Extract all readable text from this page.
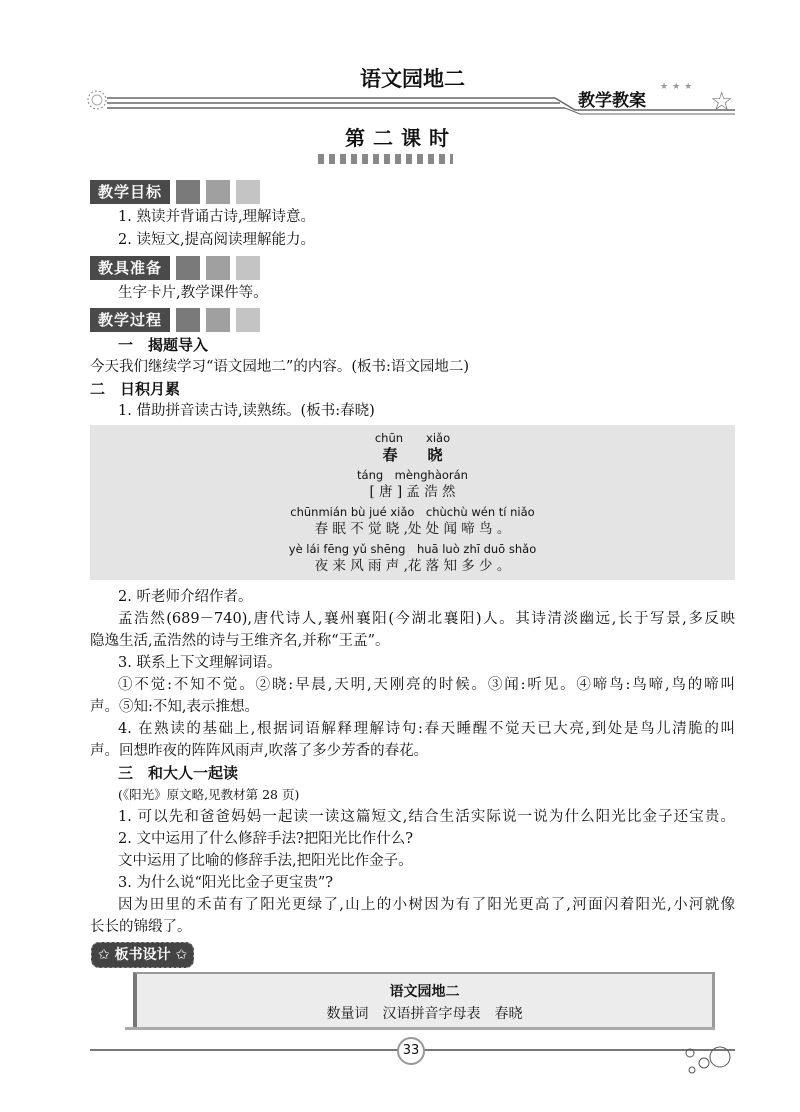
语文园地二
教学教案
★★★ ☆
第二课时
教学目标
1. 熟读并背诵古诗,理解诗意。
2. 读短文,提高阅读理解能力。
教具准备
生字卡片,教学课件等。
教学过程
一　揭题导入
今天我们继续学习“语文园地二”的内容。(板书:语文园地二)
二　日积月累
1. 借助拼音读古诗,读熟练。(板书:春晓)
chūn　　xiǎo
春　　晓
táng　mènghàorán
[ 唐 ] 孟 浩 然
chūnmián bù jué xiǎo　chùchù wén tí niǎo
春 眠 不 觉 晓 ,处 处 闻 啼 鸟 。
yè lái fēng yǔ shēng　huā luò zhī duō shǎo
夜 来 风 雨 声 ,花 落 知 多 少 。
2. 听老师介绍作者。
孟浩然(689－740),唐代诗人,襄州襄阳(今湖北襄阳)人。其诗清淡幽远,长于写景,多反映
隐逸生活,孟浩然的诗与王维齐名,并称“王孟”。
3. 联系上下文理解词语。
①不觉:不知不觉。②晓:早晨,天明,天刚亮的时候。③闻:听见。④啼鸟:鸟啼,鸟的啼叫
声。⑤知:不知,表示推想。
4. 在熟读的基础上,根据词语解释理解诗句:春天睡醒不觉天已大亮,到处是鸟儿清脆的叫
声。回想昨夜的阵阵风雨声,吹落了多少芳香的春花。
三　和大人一起读
(《阳光》原文略,见教材第 28 页)
1. 可以先和爸爸妈妈一起读一读这篇短文,结合生活实际说一说为什么阳光比金子还宝贵。
2. 文中运用了什么修辞手法?把阳光比作什么?
文中运用了比喻的修辞手法,把阳光比作金子。
3. 为什么说“阳光比金子更宝贵”?
因为田里的禾苗有了阳光更绿了,山上的小树因为有了阳光更高了,河面闪着阳光,小河就像
长长的锦缎了。
✩ 板书设计 ✩
语文园地二
数量词　汉语拼音字母表　春晓
33
